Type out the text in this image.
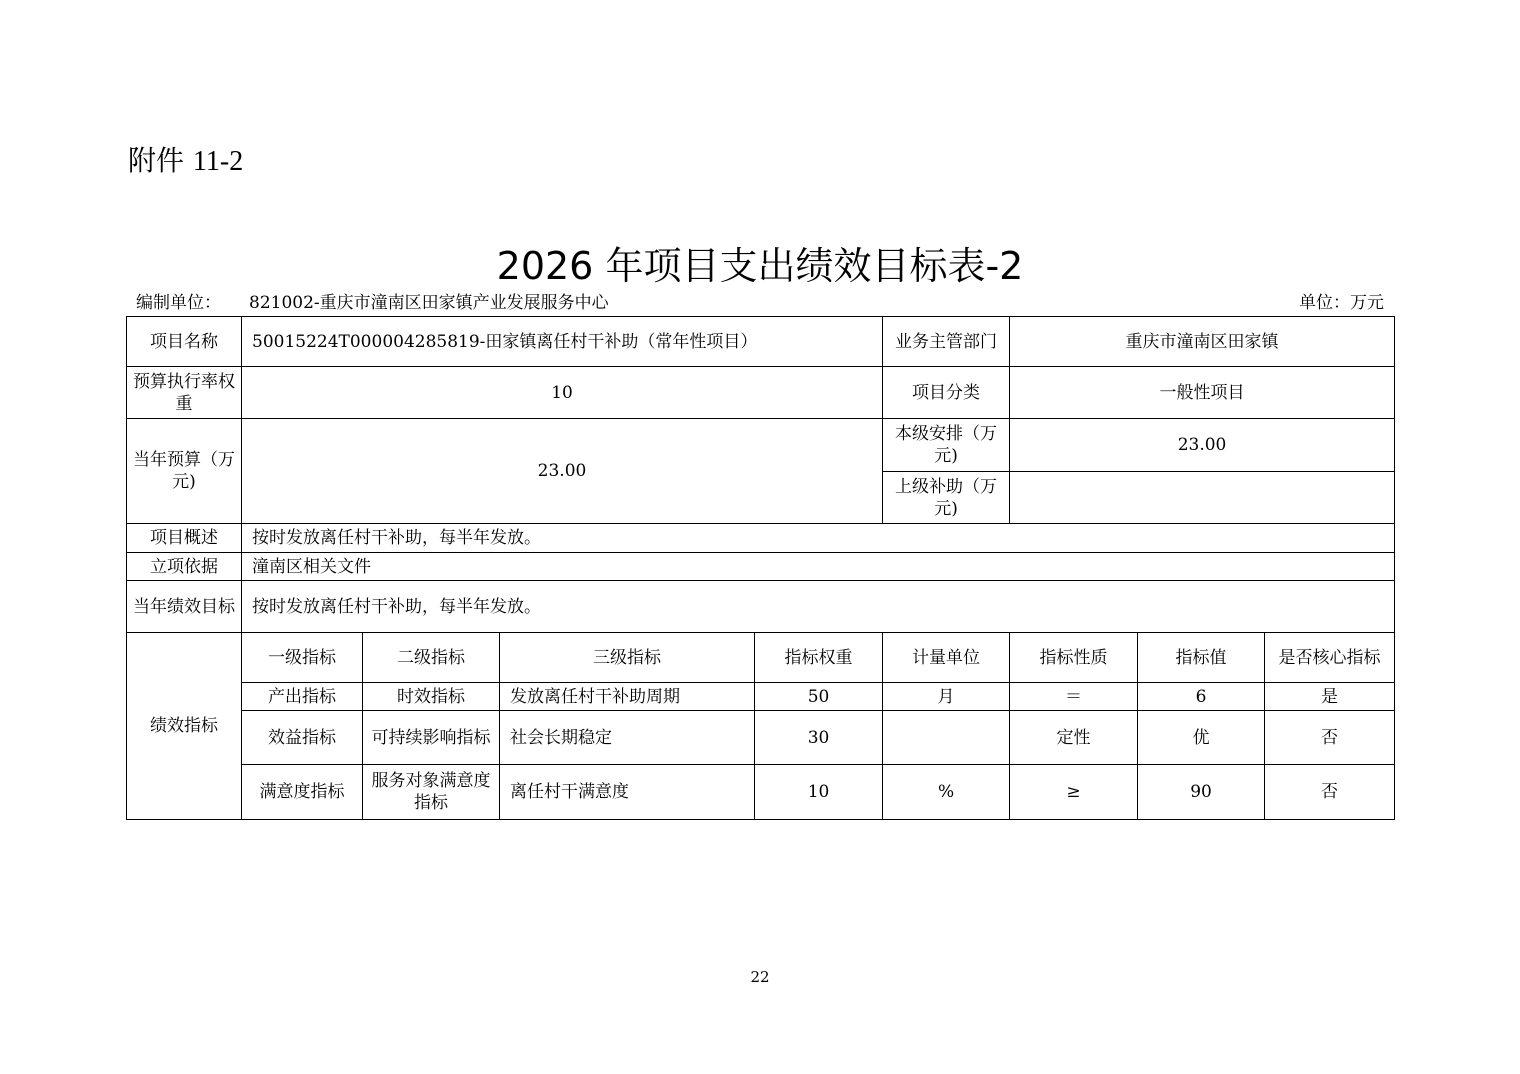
附件 11-2
2026 年项目支出绩效目标表-2
编制单位： 821002-重庆市潼南区田家镇产业发展服务中心	单位：万元
项目名称	50015224T000004285819-田家镇离任村干补助（常年性项目）				业务主管部门	重庆市潼南区田家镇		
预算执行率权重	10				项目分类	一般性项目		
当年预算（万元)	23.00				本级安排（万元)	23.00		
					上级补助（万元)			
项目概述	按时发放离任村干补助，每半年发放。							
立项依据	潼南区相关文件							
当年绩效目标	按时发放离任村干补助，每半年发放。							
绩效指标	一级指标	二级指标	三级指标	指标权重	计量单位	指标性质	指标值	是否核心指标
	产出指标	时效指标	发放离任村干补助周期	50	月	＝	6	是
	效益指标	可持续影响指标	社会长期稳定	30		定性	优	否
	满意度指标	服务对象满意度指标	离任村干满意度	10	%	≥	90	否
22
